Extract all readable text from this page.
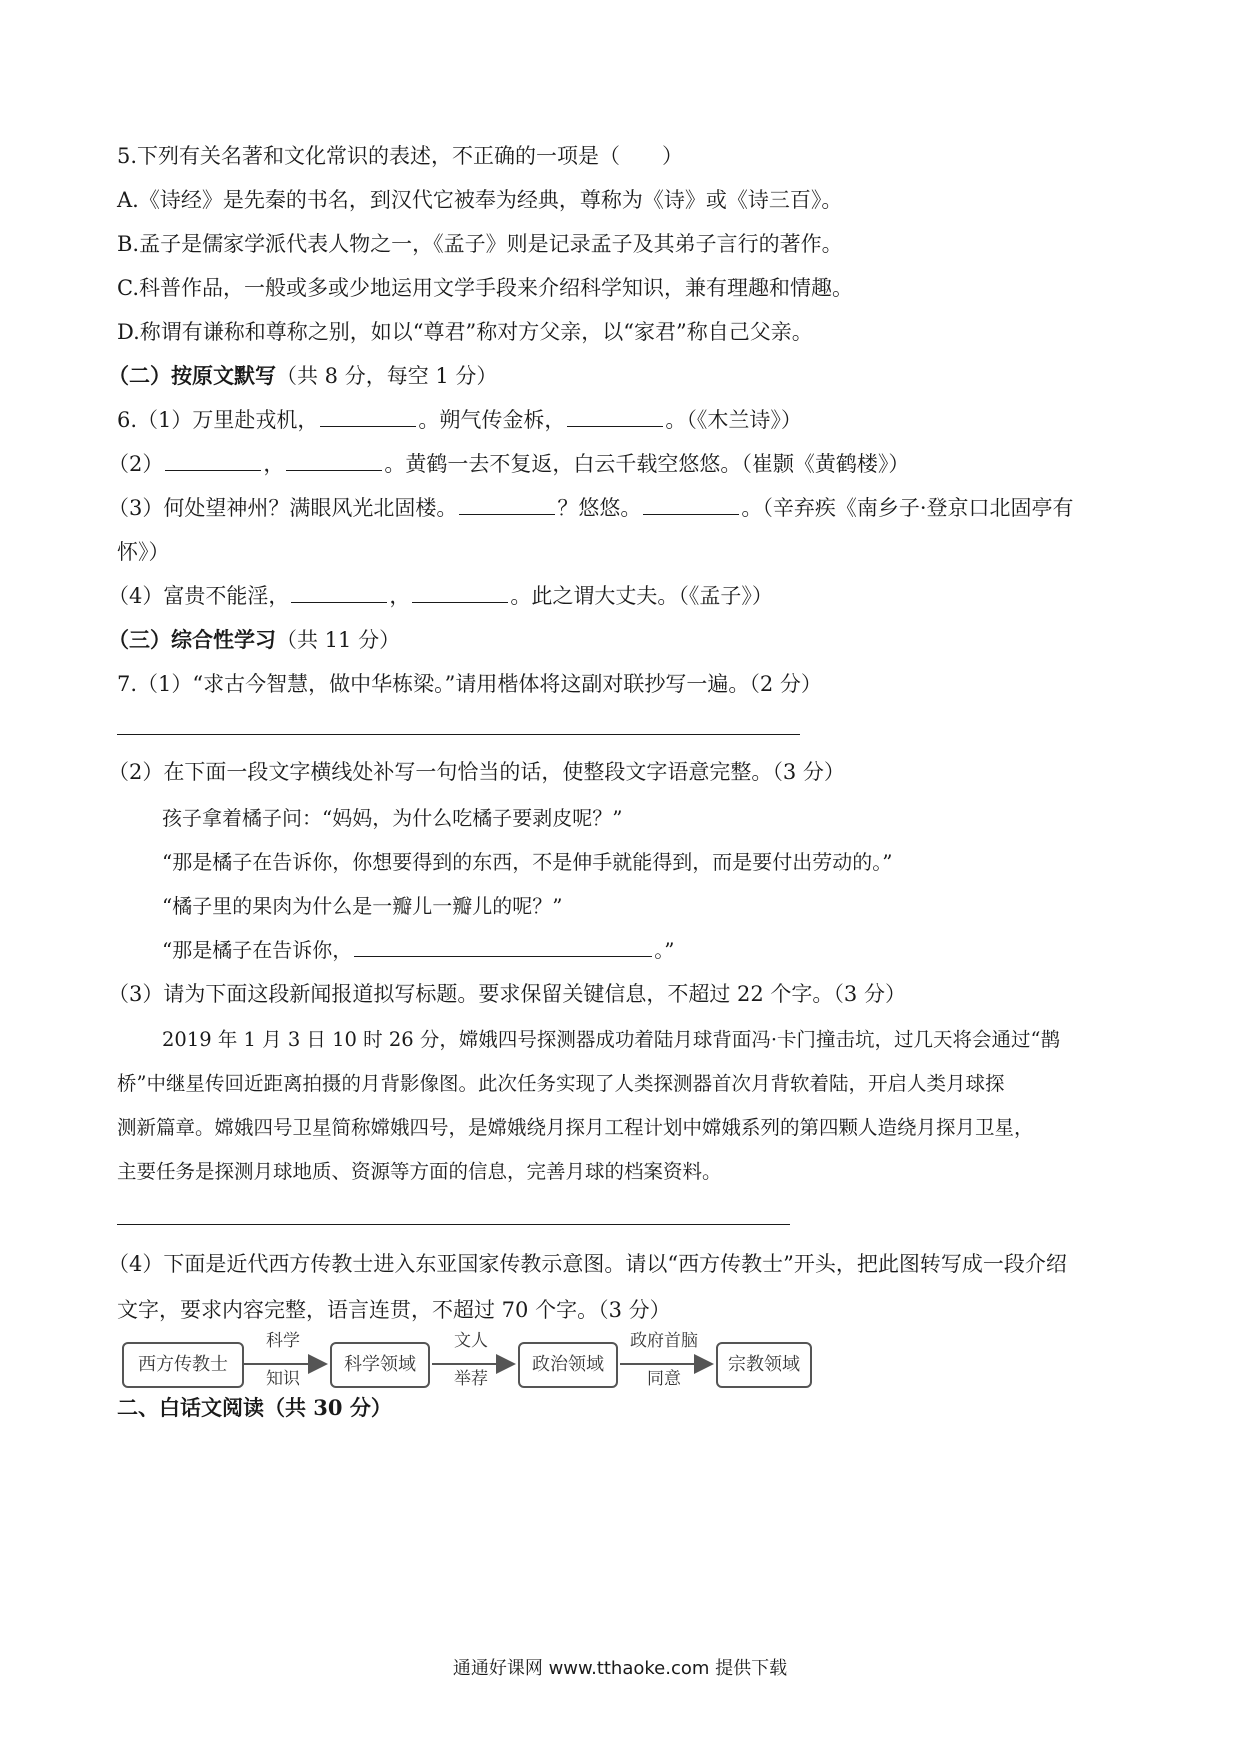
5.下列有关名著和文化常识的表述，不正确的一项是（　　）
A.《诗经》是先秦的书名，到汉代它被奉为经典，尊称为《诗》或《诗三百》。
B.孟子是儒家学派代表人物之一，《孟子》则是记录孟子及其弟子言行的著作。
C.科普作品，一般或多或少地运用文学手段来介绍科学知识，兼有理趣和情趣。
D.称谓有谦称和尊称之别，如以“尊君”称对方父亲，以“家君”称自己父亲。
（二）按原文默写（共 8 分，每空 1 分）
6.（1）万里赴戎机，	。朔气传金柝，	。（《木兰诗》）
（2）	，	。黄鹤一去不复返，白云千载空悠悠。（崔颢《黄鹤楼》）
（3）何处望神州？满眼风光北固楼。	？悠悠。	。（辛弃疾《南乡子·登京口北固亭有
怀》）
（4）富贵不能淫，	，	。此之谓大丈夫。（《孟子》）
（三）综合性学习（共 11 分）
7.（1）“求古今智慧，做中华栋梁。”请用楷体将这副对联抄写一遍。（2 分）
（2）在下面一段文字横线处补写一句恰当的话，使整段文字语意完整。（3 分）
孩子拿着橘子问：“妈妈，为什么吃橘子要剥皮呢？”
“那是橘子在告诉你，你想要得到的东西，不是伸手就能得到，而是要付出劳动的。”
“橘子里的果肉为什么是一瓣儿一瓣儿的呢？”
“那是橘子在告诉你，	。”
（3）请为下面这段新闻报道拟写标题。要求保留关键信息，不超过 22 个字。（3 分）
2019 年 1 月 3 日 10 时 26 分，嫦娥四号探测器成功着陆月球背面冯·卡门撞击坑，过几天将会通过“鹊
桥”中继星传回近距离拍摄的月背影像图。此次任务实现了人类探测器首次月背软着陆，开启人类月球探
测新篇章。嫦娥四号卫星简称嫦娥四号，是嫦娥绕月探月工程计划中嫦娥系列的第四颗人造绕月探月卫星，
主要任务是探测月球地质、资源等方面的信息，完善月球的档案资料。
（4）下面是近代西方传教士进入东亚国家传教示意图。请以“西方传教士”开头，把此图转写成一段介绍
文字，要求内容完整，语言连贯，不超过 70 个字。（3 分）
西方传教士
科学
知识
科学领域
文人
举荐
政治领域
政府首脑
同意
宗教领域
二、白话文阅读（共 30 分）
通通好课网 www.tthaoke.com 提供下载
